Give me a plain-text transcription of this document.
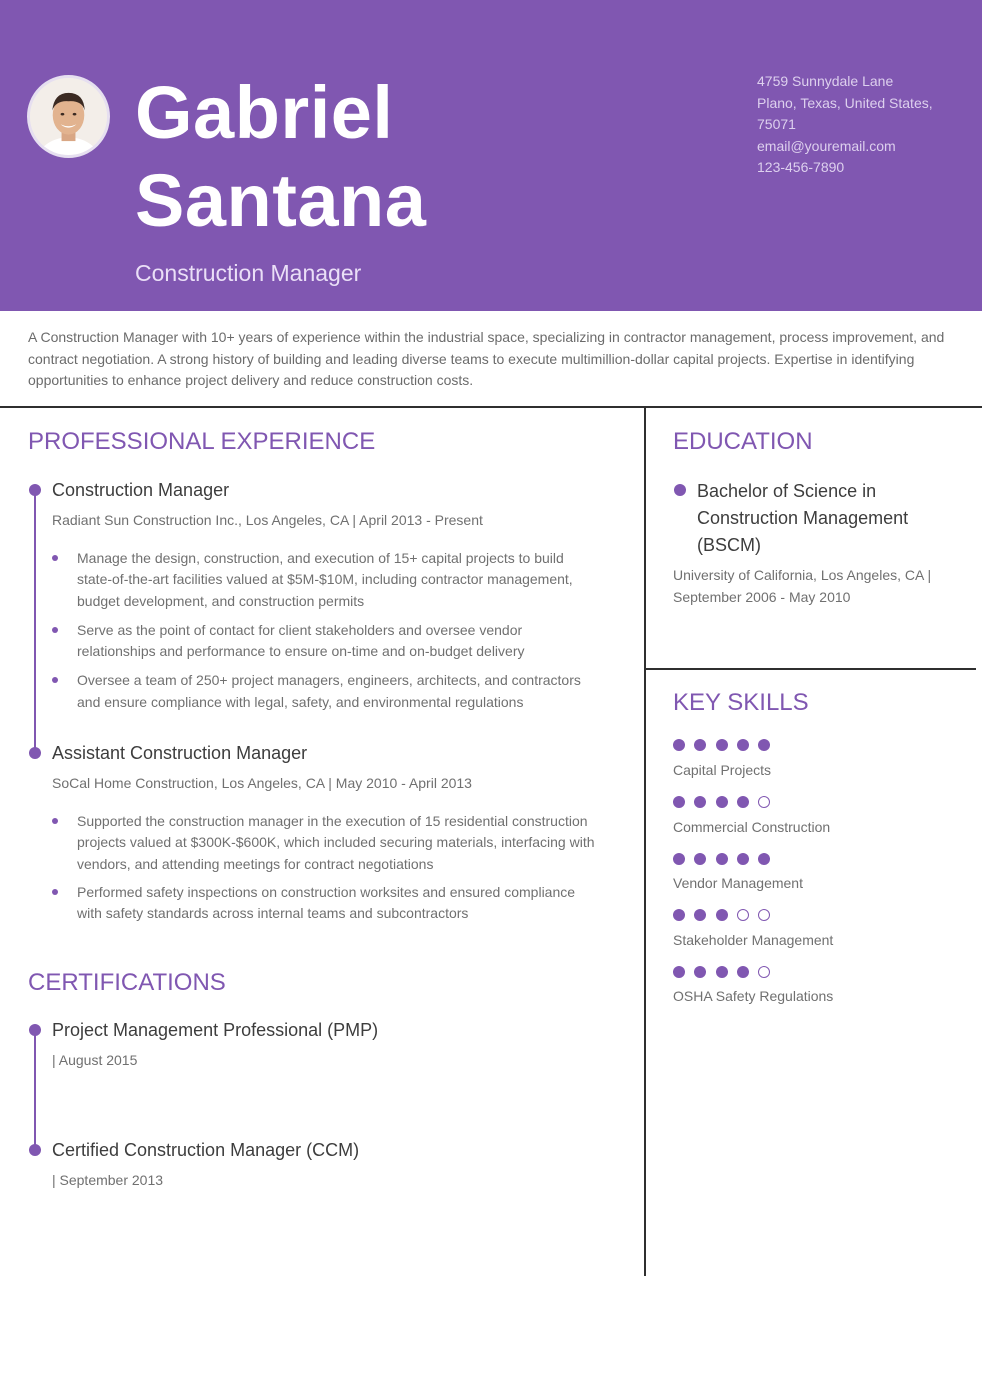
Gabriel
Santana
Construction Manager
4759 Sunnydale Lane
Plano, Texas, United States,
75071
email@youremail.com
123-456-7890
A Construction Manager with 10+ years of experience within the industrial space, specializing in contractor management, process improvement, and contract negotiation. A strong history of building and leading diverse teams to execute multimillion-dollar capital projects. Expertise in identifying opportunities to enhance project delivery and reduce construction costs.
PROFESSIONAL EXPERIENCE
Construction Manager
Radiant Sun Construction Inc., Los Angeles, CA | April 2013 - Present
Manage the design, construction, and execution of 15+ capital projects to build state-of-the-art facilities valued at $5M-$10M, including contractor management, budget development, and construction permits
Serve as the point of contact for client stakeholders and oversee vendor relationships and performance to ensure on-time and on-budget delivery
Oversee a team of 250+ project managers, engineers, architects, and contractors and ensure compliance with legal, safety, and environmental regulations
Assistant Construction Manager
SoCal Home Construction, Los Angeles, CA | May 2010 - April 2013
Supported the construction manager in the execution of 15 residential construction projects valued at $300K-$600K, which included securing materials, interfacing with vendors, and attending meetings for contract negotiations
Performed safety inspections on construction worksites and ensured compliance with safety standards across internal teams and subcontractors
CERTIFICATIONS
Project Management Professional (PMP)
| August 2015
Certified Construction Manager (CCM)
| September 2013
EDUCATION
Bachelor of Science in Construction Management (BSCM)
University of California, Los Angeles, CA |
September 2006 - May 2010
KEY SKILLS
Capital Projects
Commercial Construction
Vendor Management
Stakeholder Management
OSHA Safety Regulations
